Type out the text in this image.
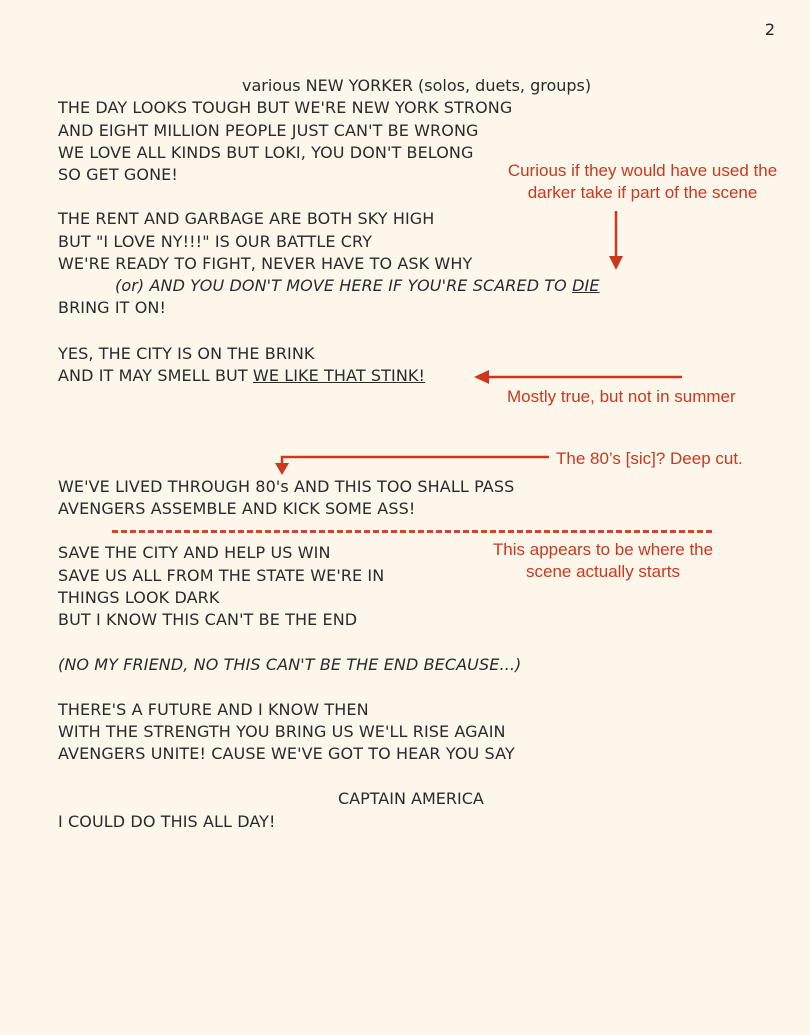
2
various NEW YORKER (solos, duets, groups)
THE DAY LOOKS TOUGH BUT WE'RE NEW YORK STRONG
AND EIGHT MILLION PEOPLE JUST CAN'T BE WRONG
WE LOVE ALL KINDS BUT LOKI, YOU DON'T BELONG
SO GET GONE!
THE RENT AND GARBAGE ARE BOTH SKY HIGH
BUT "I LOVE NY!!!" IS OUR BATTLE CRY
WE'RE READY TO FIGHT, NEVER HAVE TO ASK WHY
(or) AND YOU DON'T MOVE HERE IF YOU'RE SCARED TO DIE
BRING IT ON!
YES, THE CITY IS ON THE BRINK
AND IT MAY SMELL BUT WE LIKE THAT STINK!
WE'VE LIVED THROUGH 80's AND THIS TOO SHALL PASS
AVENGERS ASSEMBLE AND KICK SOME ASS!
SAVE THE CITY AND HELP US WIN
SAVE US ALL FROM THE STATE WE'RE IN
THINGS LOOK DARK
BUT I KNOW THIS CAN'T BE THE END
(NO MY FRIEND, NO THIS CAN'T BE THE END BECAUSE...)
THERE'S A FUTURE AND I KNOW THEN
WITH THE STRENGTH YOU BRING US WE'LL RISE AGAIN
AVENGERS UNITE! CAUSE WE'VE GOT TO HEAR YOU SAY
CAPTAIN AMERICA
I COULD DO THIS ALL DAY!
Curious if they would have used the
darker take if part of the scene
Mostly true, but not in summer
The 80’s [sic]? Deep cut.
This appears to be where the
scene actually starts
